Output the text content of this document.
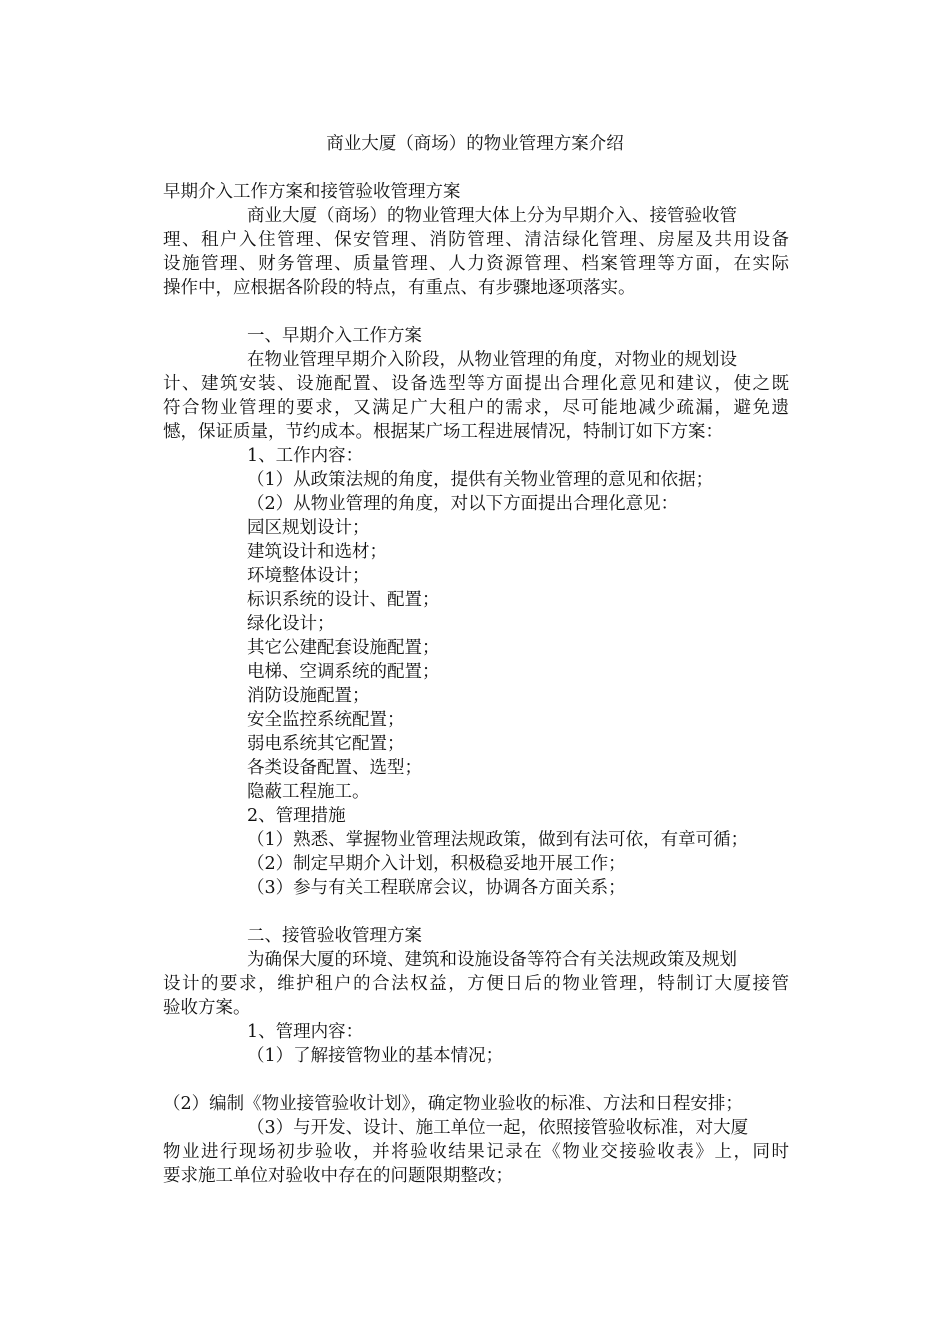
商业大厦（商场）的物业管理方案介绍

早期介入工作方案和接管验收管理方案

商业大厦（商场）的物业管理大体上分为早期介入、接管验收管

理、租户入住管理、保安管理、消防管理、清洁绿化管理、房屋及共用设备

设施管理、财务管理、质量管理、人力资源管理、档案管理等方面，在实际

操作中，应根据各阶段的特点，有重点、有步骤地逐项落实。

一、早期介入工作方案

在物业管理早期介入阶段，从物业管理的角度，对物业的规划设

计、建筑安装、设施配置、设备选型等方面提出合理化意见和建议，使之既

符合物业管理的要求，又满足广大租户的需求，尽可能地减少疏漏，避免遗

憾，保证质量，节约成本。根据某广场工程进展情况，特制订如下方案：

1、工作内容：

（1）从政策法规的角度，提供有关物业管理的意见和依据；

（2）从物业管理的角度，对以下方面提出合理化意见：

园区规划设计；

建筑设计和选材；

环境整体设计；

标识系统的设计、配置；

绿化设计；

其它公建配套设施配置；

电梯、空调系统的配置；

消防设施配置；

安全监控系统配置；

弱电系统其它配置；

各类设备配置、选型；

隐蔽工程施工。

2、管理措施

（1）熟悉、掌握物业管理法规政策，做到有法可依，有章可循；

（2）制定早期介入计划，积极稳妥地开展工作；

（3）参与有关工程联席会议，协调各方面关系；

二、接管验收管理方案

为确保大厦的环境、建筑和设施设备等符合有关法规政策及规划

设计的要求，维护租户的合法权益，方便日后的物业管理，特制订大厦接管

验收方案。

1、管理内容：

（1）了解接管物业的基本情况；

（2）编制《物业接管验收计划》，确定物业验收的标准、方法和日程安排；

（3）与开发、设计、施工单位一起，依照接管验收标准，对大厦

物业进行现场初步验收，并将验收结果记录在《物业交接验收表》上，同时

要求施工单位对验收中存在的问题限期整改；
